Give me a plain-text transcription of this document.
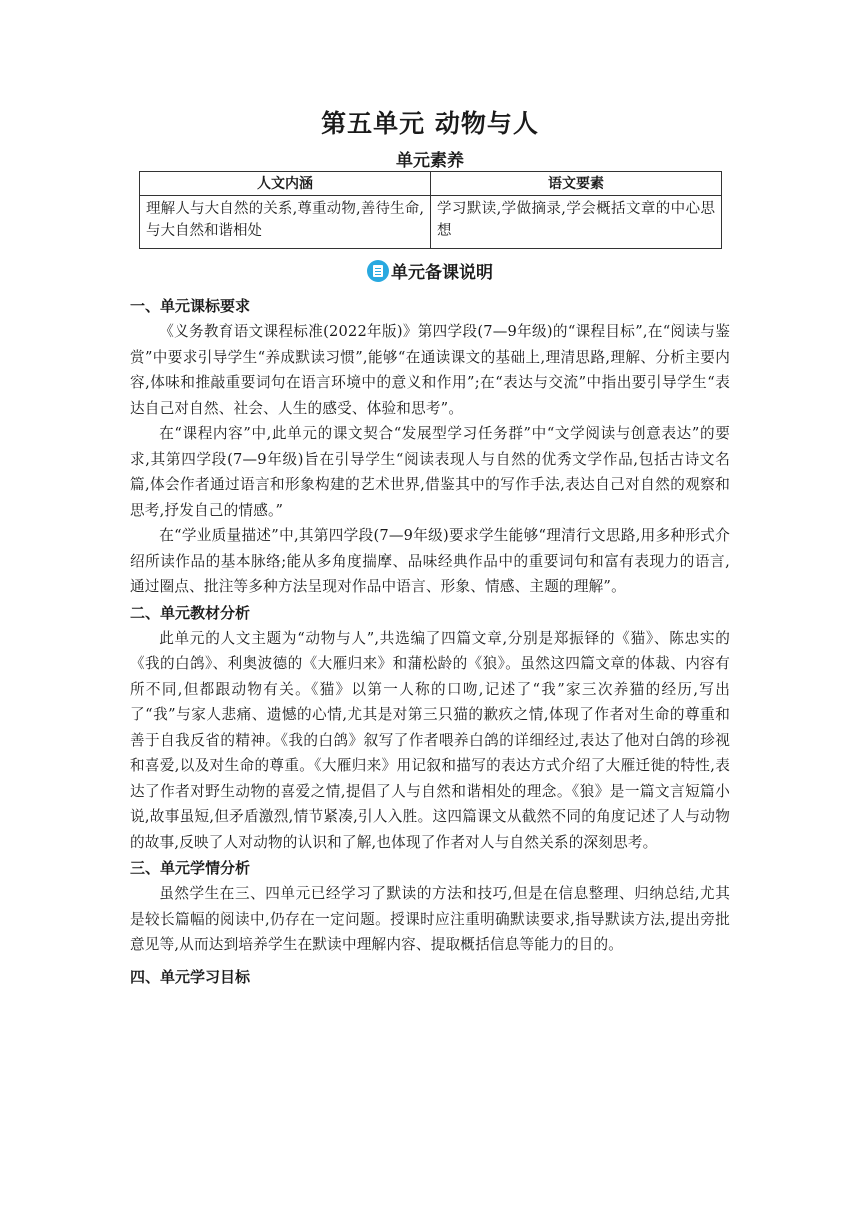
第五单元 动物与人
单元素养
人文内涵	语文要素
理解人与大自然的关系,尊重动物,善待生命,与大自然和谐相处	学习默读,学做摘录,学会概括文章的中心思想
单元备课说明

一、单元课标要求

《义务教育语文课程标准(2022年版)》第四学段(7—9年级)的“课程目标”,在“阅读与鉴赏”中要求引导学生“养成默读习惯”,能够“在通读课文的基础上,理清思路,理解、分析主要内容,体味和推敲重要词句在语言环境中的意义和作用”;在“表达与交流”中指出要引导学生“表达自己对自然、社会、人生的感受、体验和思考”。

在“课程内容”中,此单元的课文契合“发展型学习任务群”中“文学阅读与创意表达”的要求,其第四学段(7—9年级)旨在引导学生“阅读表现人与自然的优秀文学作品,包括古诗文名篇,体会作者通过语言和形象构建的艺术世界,借鉴其中的写作手法,表达自己对自然的观察和思考,抒发自己的情感。”

在“学业质量描述”中,其第四学段(7—9年级)要求学生能够“理清行文思路,用多种形式介绍所读作品的基本脉络;能从多角度揣摩、品味经典作品中的重要词句和富有表现力的语言,通过圈点、批注等多种方法呈现对作品中语言、形象、情感、主题的理解”。

二、单元教材分析

此单元的人文主题为“动物与人”,共选编了四篇文章,分别是郑振铎的《猫》、陈忠实的《我的白鸽》、利奥波德的《大雁归来》和蒲松龄的《狼》。虽然这四篇文章的体裁、内容有所不同,但都跟动物有关。《猫》以第一人称的口吻,记述了“我”家三次养猫的经历,写出了“我”与家人悲痛、遗憾的心情,尤其是对第三只猫的歉疚之情,体现了作者对生命的尊重和善于自我反省的精神。《我的白鸽》叙写了作者喂养白鸽的详细经过,表达了他对白鸽的珍视和喜爱,以及对生命的尊重。《大雁归来》用记叙和描写的表达方式介绍了大雁迁徙的特性,表达了作者对野生动物的喜爱之情,提倡了人与自然和谐相处的理念。《狼》是一篇文言短篇小说,故事虽短,但矛盾激烈,情节紧凑,引人入胜。这四篇课文从截然不同的角度记述了人与动物的故事,反映了人对动物的认识和了解,也体现了作者对人与自然关系的深刻思考。

三、单元学情分析

虽然学生在三、四单元已经学习了默读的方法和技巧,但是在信息整理、归纳总结,尤其是较长篇幅的阅读中,仍存在一定问题。授课时应注重明确默读要求,指导默读方法,提出旁批意见等,从而达到培养学生在默读中理解内容、提取概括信息等能力的目的。

四、单元学习目标
